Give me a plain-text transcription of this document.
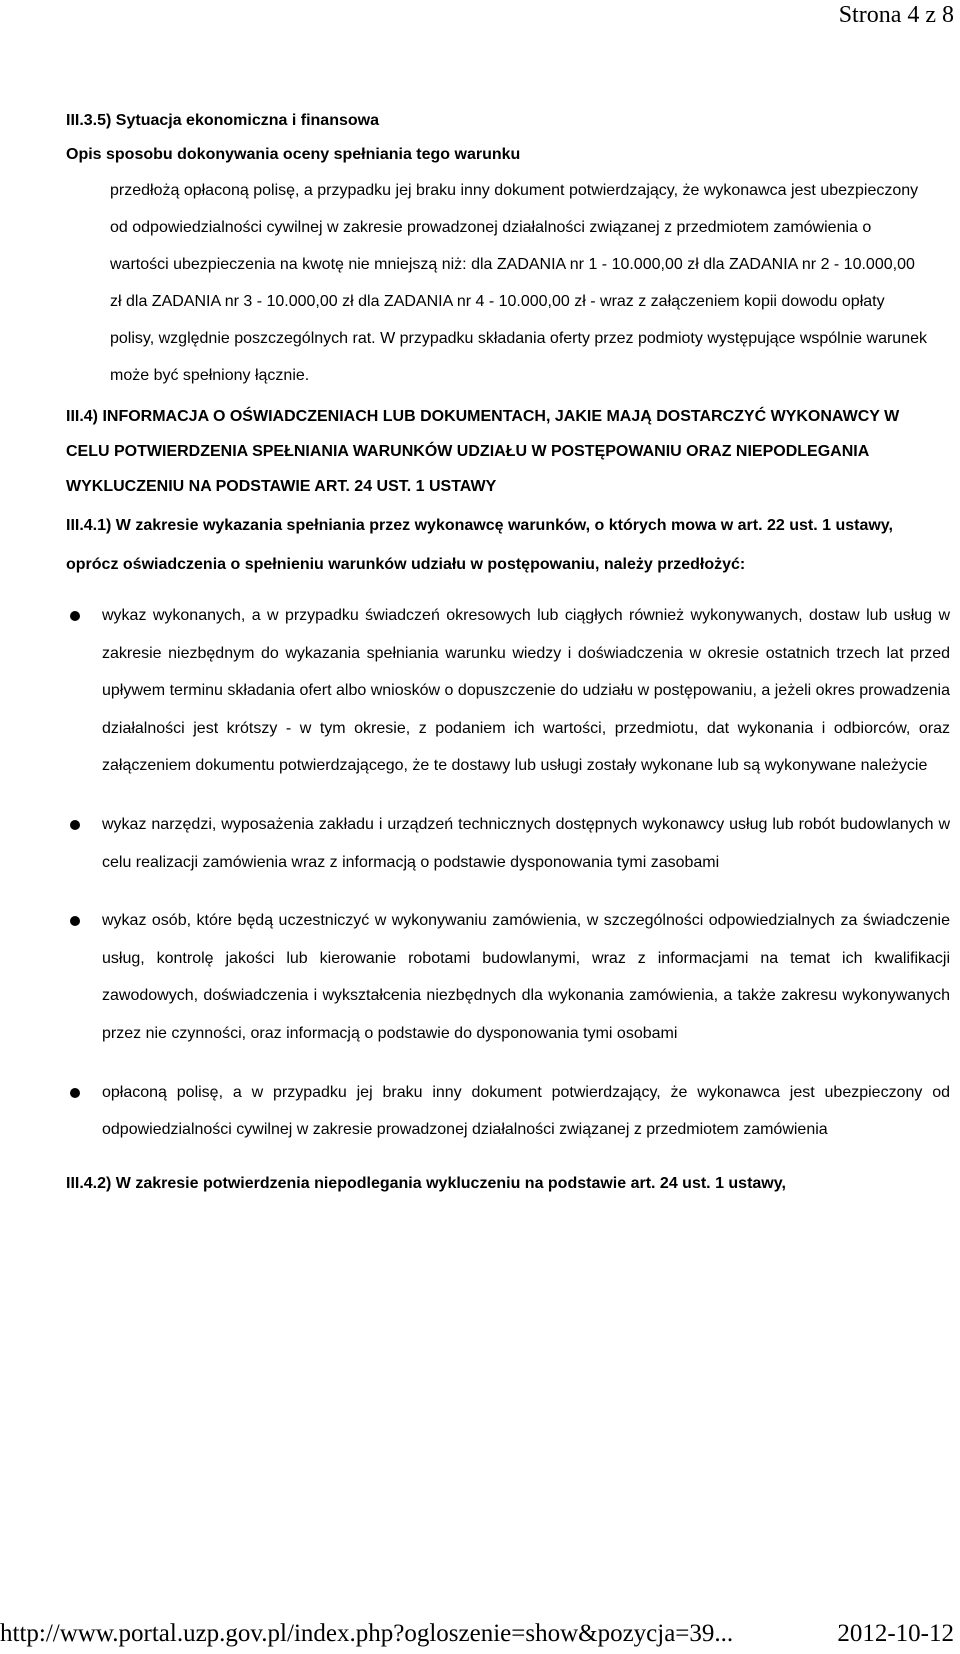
Strona 4 z 8
III.3.5) Sytuacja ekonomiczna i finansowa
Opis sposobu dokonywania oceny spełniania tego warunku
przedłożą opłaconą polisę, a przypadku jej braku inny dokument potwierdzający, że wykonawca jest ubezpieczony od odpowiedzialności cywilnej w zakresie prowadzonej działalności związanej z przedmiotem zamówienia o wartości ubezpieczenia na kwotę nie mniejszą niż: dla ZADANIA nr 1 - 10.000,00 zł dla ZADANIA nr 2 - 10.000,00 zł dla ZADANIA nr 3 - 10.000,00 zł dla ZADANIA nr 4 - 10.000,00 zł - wraz z załączeniem kopii dowodu opłaty polisy, względnie poszczególnych rat. W przypadku składania oferty przez podmioty występujące wspólnie warunek może być spełniony łącznie.
III.4) INFORMACJA O OŚWIADCZENIACH LUB DOKUMENTACH, JAKIE MAJĄ DOSTARCZYĆ WYKONAWCY W CELU POTWIERDZENIA SPEŁNIANIA WARUNKÓW UDZIAŁU W POSTĘPOWANIU ORAZ NIEPODLEGANIA WYKLUCZENIU NA PODSTAWIE ART. 24 UST. 1 USTAWY
III.4.1) W zakresie wykazania spełniania przez wykonawcę warunków, o których mowa w art. 22 ust. 1 ustawy, oprócz oświadczenia o spełnieniu warunków udziału w postępowaniu, należy przedłożyć:
wykaz wykonanych, a w przypadku świadczeń okresowych lub ciągłych również wykonywanych, dostaw lub usług w zakresie niezbędnym do wykazania spełniania warunku wiedzy i doświadczenia w okresie ostatnich trzech lat przed upływem terminu składania ofert albo wniosków o dopuszczenie do udziału w postępowaniu, a jeżeli okres prowadzenia działalności jest krótszy - w tym okresie, z podaniem ich wartości, przedmiotu, dat wykonania i odbiorców, oraz załączeniem dokumentu potwierdzającego, że te dostawy lub usługi zostały wykonane lub są wykonywane należycie
wykaz narzędzi, wyposażenia zakładu i urządzeń technicznych dostępnych wykonawcy usług lub robót budowlanych w celu realizacji zamówienia wraz z informacją o podstawie dysponowania tymi zasobami
wykaz osób, które będą uczestniczyć w wykonywaniu zamówienia, w szczególności odpowiedzialnych za świadczenie usług, kontrolę jakości lub kierowanie robotami budowlanymi, wraz z informacjami na temat ich kwalifikacji zawodowych, doświadczenia i wykształcenia niezbędnych dla wykonania zamówienia, a także zakresu wykonywanych przez nie czynności, oraz informacją o podstawie do dysponowania tymi osobami
opłaconą polisę, a w przypadku jej braku inny dokument potwierdzający, że wykonawca jest ubezpieczony od odpowiedzialności cywilnej w zakresie prowadzonej działalności związanej z przedmiotem zamówienia
III.4.2) W zakresie potwierdzenia niepodlegania wykluczeniu na podstawie art. 24 ust. 1 ustawy,
http://www.portal.uzp.gov.pl/index.php?ogloszenie=show&pozycja=39...	2012-10-12
